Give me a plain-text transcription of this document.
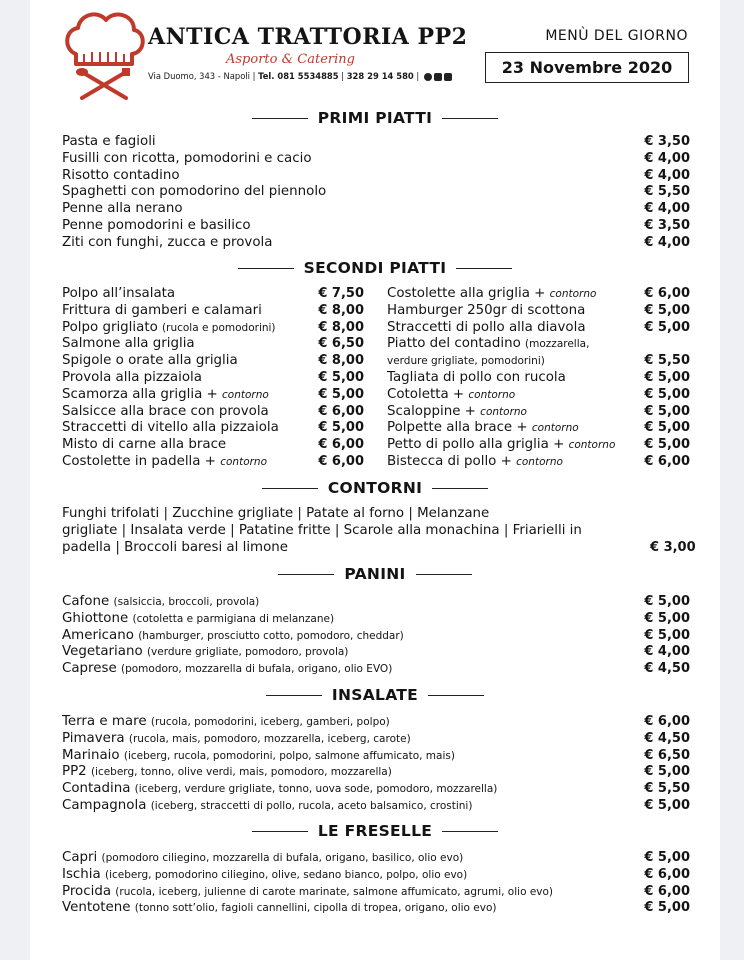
ANTICA TRATTORIA PP2
Asporto & Catering
Via Duomo, 343 - Napoli | Tel. 081 5534885 | 328 29 14 580 |
MENÙ DEL GIORNO
23 Novembre 2020
PRIMI PIATTI
Pasta e fagioli	€ 3,50
Fusilli con ricotta, pomodorini e cacio	€ 4,00
Risotto contadino	€ 4,00
Spaghetti con pomodorino del piennolo	€ 5,50
Penne alla nerano	€ 4,00
Penne pomodorini e basilico	€ 3,50
Ziti con funghi, zucca e provola	€ 4,00
SECONDI PIATTI
Polpo all’insalata	€ 7,50
Frittura di gamberi e calamari	€ 8,00
Polpo grigliato (rucola e pomodorini)	€ 8,00
Salmone alla griglia	€ 6,50
Spigole o orate alla griglia	€ 8,00
Provola alla pizzaiola	€ 5,00
Scamorza alla griglia + contorno	€ 5,00
Salsicce alla brace con provola	€ 6,00
Straccetti di vitello alla pizzaiola	€ 5,00
Misto di carne alla brace	€ 6,00
Costolette in padella + contorno	€ 6,00
Costolette alla griglia + contorno	€ 6,00
Hamburger 250gr di scottona	€ 5,00
Straccetti di pollo alla diavola	€ 5,00
Piatto del contadino (mozzarella,
verdure grigliate, pomodorini)	€ 5,50
Tagliata di pollo con rucola	€ 5,00
Cotoletta + contorno	€ 5,00
Scaloppine + contorno	€ 5,00
Polpette alla brace + contorno	€ 5,00
Petto di pollo alla griglia + contorno € 5,00
Bistecca di pollo + contorno	€ 6,00
CONTORNI
Funghi trifolati | Zucchine grigliate | Patate al forno | Melanzane
grigliate | Insalata verde | Patatine fritte | Scarole alla monachina | Friarielli in
padella | Broccoli baresi al limone	€ 3,00
PANINI
Cafone (salsiccia, broccoli, provola)	€ 5,00
Ghiottone (cotoletta e parmigiana di melanzane)	€ 5,00
Americano (hamburger, prosciutto cotto, pomodoro, cheddar)	€ 5,00
Vegetariano (verdure grigliate, pomodoro, provola)	€ 4,00
Caprese (pomodoro, mozzarella di bufala, origano, olio EVO)	€ 4,50
INSALATE
Terra e mare (rucola, pomodorini, iceberg, gamberi, polpo)	€ 6,00
Pimavera (rucola, mais, pomodoro, mozzarella, iceberg, carote)	€ 4,50
Marinaio (iceberg, rucola, pomodorini, polpo, salmone affumicato, mais)	€ 6,50
PP2 (iceberg, tonno, olive verdi, mais, pomodoro, mozzarella)	€ 5,00
Contadina (iceberg, verdure grigliate, tonno, uova sode, pomodoro, mozzarella)	€ 5,50
Campagnola (iceberg, straccetti di pollo, rucola, aceto balsamico, crostini)	€ 5,00
LE FRESELLE
Capri (pomodoro ciliegino, mozzarella di bufala, origano, basilico, olio evo)	€ 5,00
Ischia (iceberg, pomodorino ciliegino, olive, sedano bianco, polpo, olio evo)	€ 6,00
Procida (rucola, iceberg, julienne di carote marinate, salmone affumicato, agrumi, olio evo)	€ 6,00
Ventotene (tonno sott’olio, fagioli cannellini, cipolla di tropea, origano, olio evo)	€ 5,00
